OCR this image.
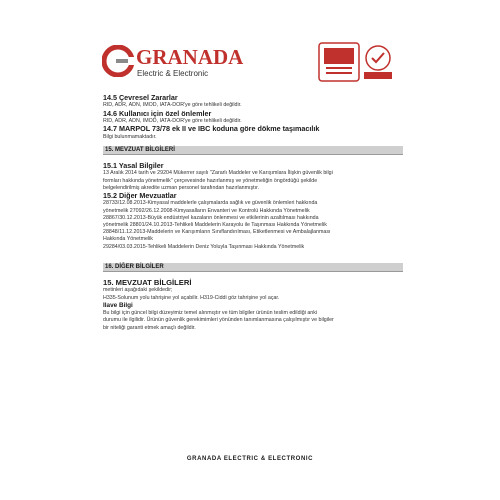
GRANADA
Electric & Electronic
14.5 Çevresel Zararlar
RID, ADR, ADN, IMOD, IATA-DOR'ye göre tehlikeli değildir.
14.6 Kullanıcı için özel önlemler
RID, ADR, ADN, IMOD, IATA-DOR'ye göre tehlikeli değildir.
14.7 MARPOL 73/78 ek II ve IBC koduna göre dökme taşımacılık
Bilgi bulunmamaktadır.
15. MEVZUAT BİLGİLERİ
15.1 Yasal Bilgiler
13 Aralık 2014 tarih ve 29204 Mükerrer sayılı "Zararlı Maddeler ve Karışımlara İlişkin güvenlik bilgi
formları hakkında yönetmelik" çerçevesinde hazırlanmış ve yönetmeliğin öngördüğü şekilde
belgelendirilmiş akredite uzman personel tarafından hazırlanmıştır.
15.2 Diğer Mevzuatlar
28733/12.08.2013-Kimyasal maddelerle çalışmalarda sağlık ve güvenlik önlemleri hakkında
yönetmelik 27092/26.12.2008-Kimyasalların Envanteri ve Kontrolü Hakkında Yönetmelik
28867/30.12.2013-Büyük endüstriyel kazaların önlenmesi ve etkilerinin azaltılması hakkında
yönetmelik 28801/24.10.2013-Tehlikeli Maddelerin Karayolu ile Taşınması Hakkında Yönetmelik
28848/11.12.2013-Maddelerin ve Karışımların Sınıflandırılması, Etiketlenmesi ve Ambalajlanması
Hakkında Yönetmelik
29284/03.03.2015-Tehlikeli Maddelerin Deniz Yoluyla Taşınması Hakkında Yönetmelik
16. DİĞER BİLGİLER
15. MEVZUAT BİLGİLERİ
metinleri aşağıdaki şekildedir;
H335-Solunum yolu tahrişine yol açabilir. H319-Ciddi göz tahrişine yol açar.
Ilave Bilgi
Bu bilgi için güncel bilgi düzeyimiz temel alınmıştır ve tüm bilgiler ürünün teslim edildiği anki
durumu ile ilgilidir. Ürünün güvenlik gerekimimleri yönünden tanımlanmasına çalışılmıştır ve bilgiler
bir niteliği garanti etmek amaçlı değildir.
GRANADA ELECTRIC & ELECTRONIC
